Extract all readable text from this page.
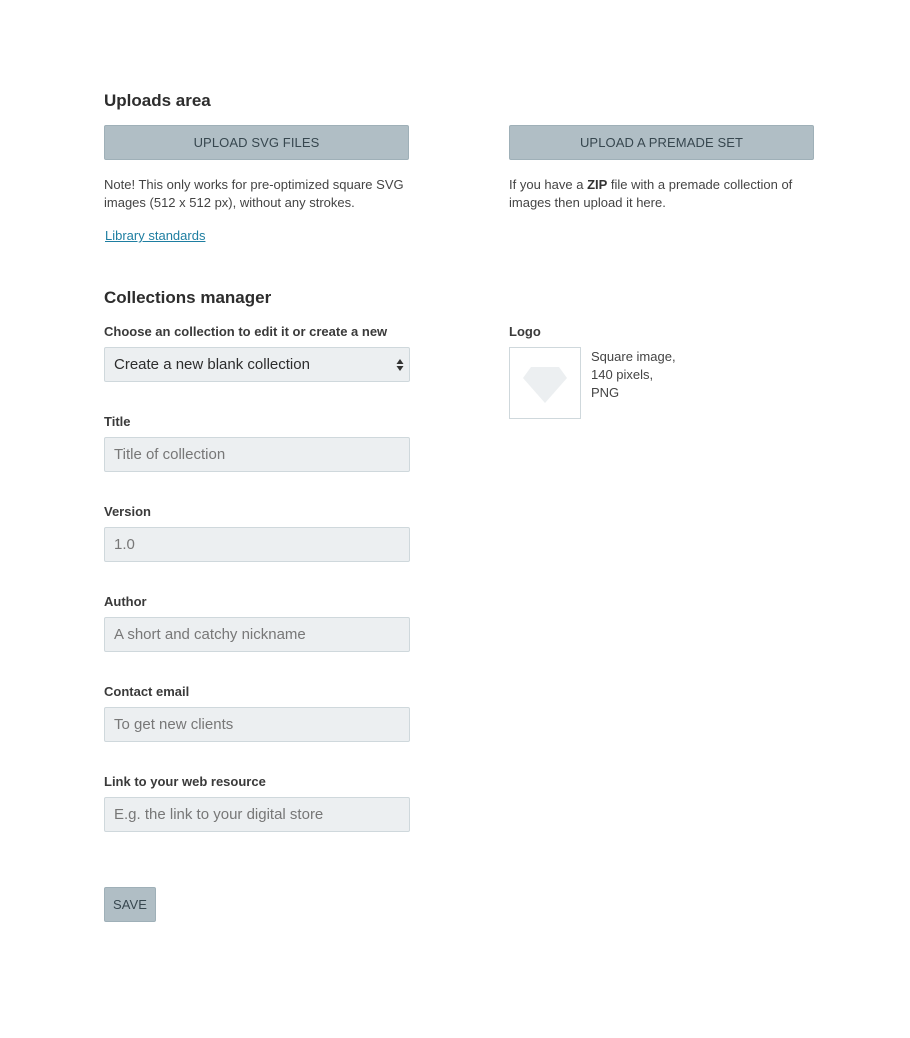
Uploads area
UPLOAD SVG FILES	UPLOAD A PREMADE SET
Note! This only works for pre-optimized square SVG images (512 x 512 px), without any strokes.
If you have a ZIP file with a premade collection of images then upload it here.
Library standards
Collections manager
Choose an collection to edit it or create a new
Create a new blank collection
Logo
Square image,
140 pixels,
PNG
Title
Title of collection
Version
1.0
Author
A short and catchy nickname
Contact email
To get new clients
Link to your web resource
E.g. the link to your digital store
SAVE
